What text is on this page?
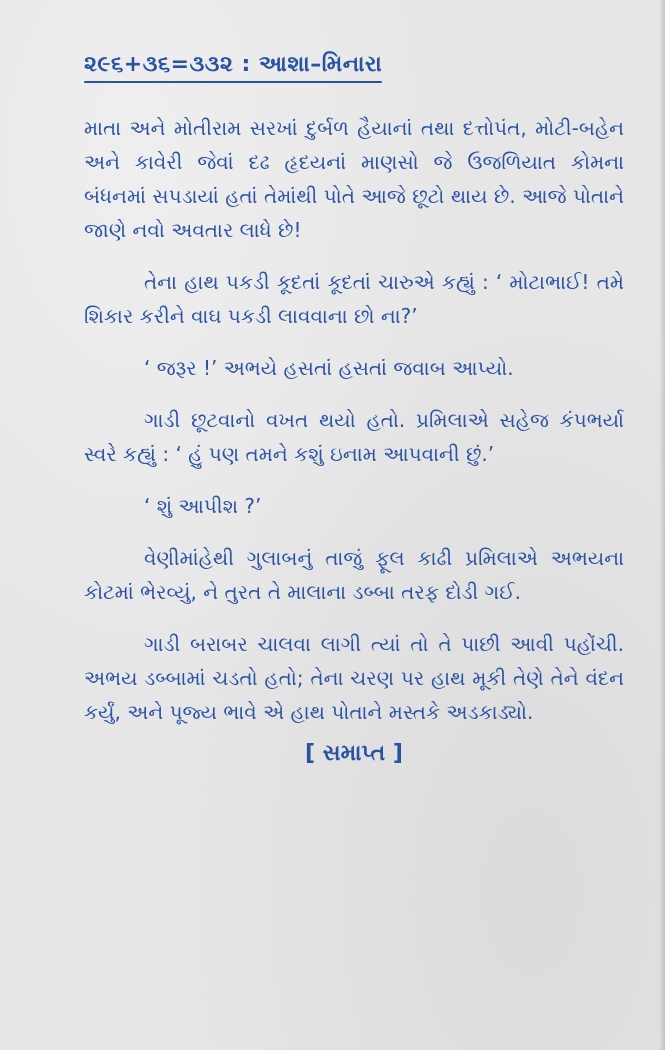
૨૯૬+૩૬=૩૩૨ : આશા–મિનારા

માતા અને મોતીરામ સરખાં દુર્બળ હૈયાનાં તથા દત્તોપંત, મોટી-બહેન અને કાવેરી જેવાં દઢ હૃદયનાં માણસો જે ઉજળિયાત કોમના બંધનમાં સપડાયાં હતાં તેમાંથી પોતે આજે છૂટો થાય છે. આજે પોતાને જાણે નવો અવતાર લાધે છે!

તેના હાથ પકડી કૂદતાં કૂદતાં ચારુએ કહ્યું : ‘ મોટાભાઈ! તમે શિકાર કરીને વાઘ પકડી લાવવાના છો ના?’

‘ જરૂર !’ અભયે હસતાં હસતાં જવાબ આપ્યો.

ગાડી છૂટવાનો વખત થયો હતો. પ્રમિલાએ સહેજ કંપભર્યા સ્વરે કહ્યું : ‘ હું પણ તમને કશું ઇનામ આપવાની છું.’

‘ શું આપીશ ?’

વેણીમાંહેથી ગુલાબનું તાજું ફૂલ કાઢી પ્રમિલાએ અભયના કોટમાં ભેરવ્યું, ને તુરત તે માલાના ડબ્બા તરફ દોડી ગઈ.

ગાડી બરાબર ચાલવા લાગી ત્યાં તો તે પાછી આવી પહોંચી. અભય ડબ્બામાં ચડતો હતો; તેના ચરણ પર હાથ મૂકી તેણે તેને વંદન કર્યું, અને પૂજ્ય ભાવે એ હાથ પોતાને મસ્તકે અડકાડ્યો.

[ સમાપ્ત ]
